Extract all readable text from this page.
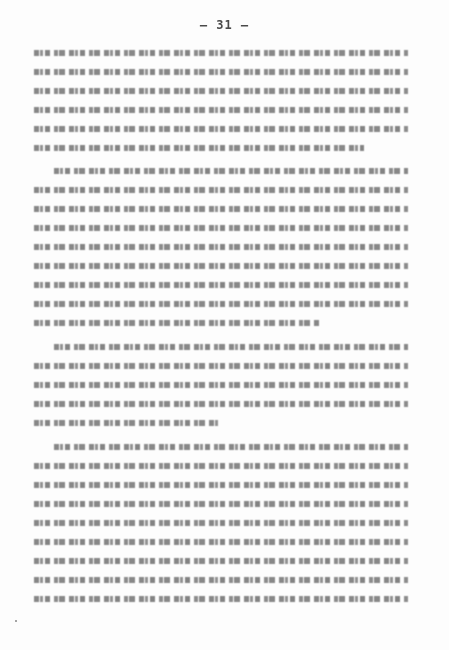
– 31 –
